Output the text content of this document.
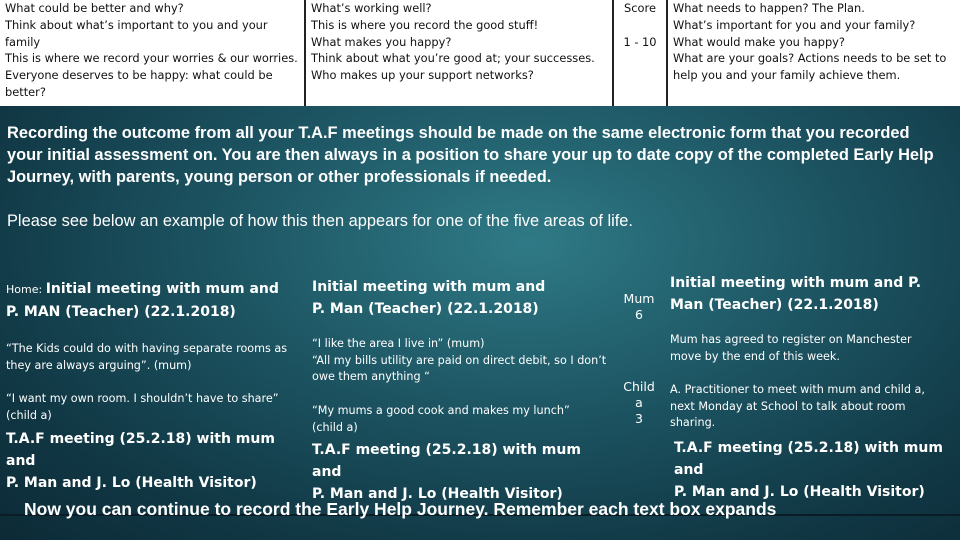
What could be better and why?
Think about what’s important to you and your
family
This is where we record your worries & our worries.
Everyone deserves to be happy: what could be
better?
What’s working well?
This is where you record the good stuff!
What makes you happy?
Think about what you’re good at; your successes.
Who makes up your support networks?
Score
1 - 10
What needs to happen? The Plan.
What’s important for you and your family?
What would make you happy?
What are your goals? Actions needs to be set to
help you and your family achieve them.
Recording the outcome from all your T.A.F meetings should be made on the same electronic form that you recorded your initial assessment on. You are then always in a position to share your up to date copy of the completed Early Help Journey, with parents, young person or other professionals if needed.
Please see below an example of how this then appears for one of the five areas of life.
Home: Initial meeting with mum and
P. MAN (Teacher) (22.1.2018)
“The Kids could do with having separate rooms as
they are always arguing”. (mum)
“I want my own room. I shouldn’t have to share”
(child a)
T.A.F meeting (25.2.18) with mum and
P. Man and J. Lo (Health Visitor)
Initial meeting with mum and
P. Man (Teacher) (22.1.2018)
“I like the area I live in” (mum)
“All my bills utility are paid on direct debit, so I don’t
owe them anything “
“My mums a good cook and makes my lunch”
(child a)
T.A.F meeting (25.2.18) with mum and
P. Man and J. Lo (Health Visitor)
Mum
6
Child
a
3
Initial meeting with mum and P.
Man (Teacher) (22.1.2018)
Mum has agreed to register on Manchester
move by the end of this week.
A. Practitioner to meet with mum and child a,
next Monday at School to talk about room
sharing.
T.A.F meeting (25.2.18) with mum and
P. Man and J. Lo (Health Visitor)
Now you can continue to record the Early Help Journey. Remember each text box expands
